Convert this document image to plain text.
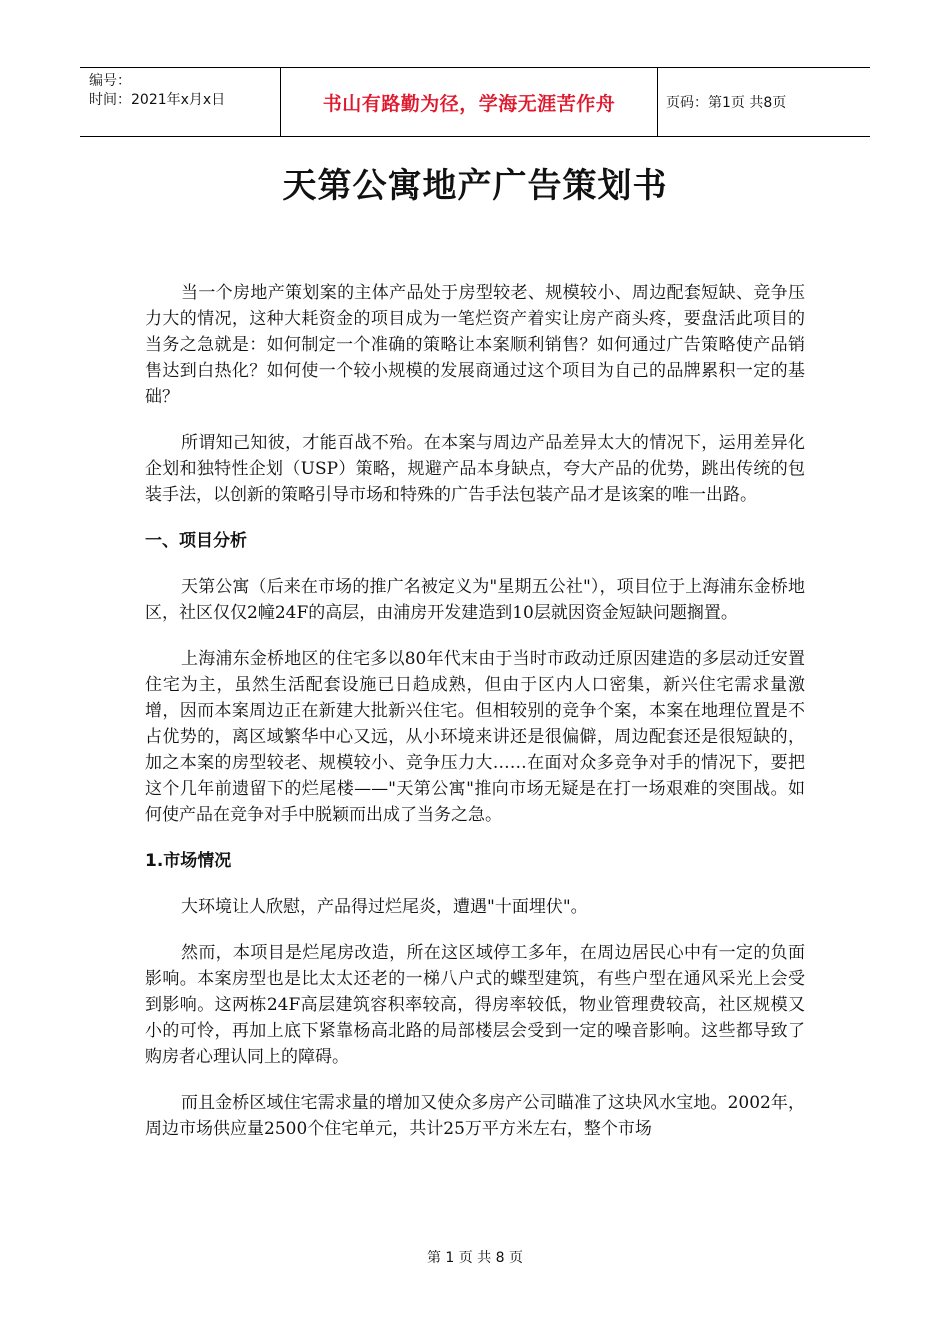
编号：
时间：2021年x月x日	书山有路勤为径，学海无涯苦作舟	页码：第1页 共8页
天第公寓地产广告策划书

当一个房地产策划案的主体产品处于房型较老、规模较小、周边配套短缺、竞争压力大的情况，这种大耗资金的项目成为一笔烂资产着实让房产商头疼，要盘活此项目的当务之急就是：如何制定一个准确的策略让本案顺利销售？如何通过广告策略使产品销售达到白热化？如何使一个较小规模的发展商通过这个项目为自己的品牌累积一定的基础？

所谓知己知彼，才能百战不殆。在本案与周边产品差异太大的情况下，运用差异化企划和独特性企划（USP）策略，规避产品本身缺点，夸大产品的优势，跳出传统的包装手法，以创新的策略引导市场和特殊的广告手法包装产品才是该案的唯一出路。

一、项目分析

天第公寓（后来在市场的推广名被定义为"星期五公社"），项目位于上海浦东金桥地区，社区仅仅2幢24F的高层，由浦房开发建造到10层就因资金短缺问题搁置。

上海浦东金桥地区的住宅多以80年代末由于当时市政动迁原因建造的多层动迁安置住宅为主，虽然生活配套设施已日趋成熟，但由于区内人口密集，新兴住宅需求量激增，因而本案周边正在新建大批新兴住宅。但相较别的竞争个案，本案在地理位置是不占优势的，离区域繁华中心又远，从小环境来讲还是很偏僻，周边配套还是很短缺的，加之本案的房型较老、规模较小、竞争压力大……在面对众多竞争对手的情况下，要把这个几年前遗留下的烂尾楼——"天第公寓"推向市场无疑是在打一场艰难的突围战。如何使产品在竞争对手中脱颖而出成了当务之急。

1.市场情况

大环境让人欣慰，产品得过烂尾炎，遭遇"十面埋伏"。

然而，本项目是烂尾房改造，所在这区域停工多年，在周边居民心中有一定的负面影响。本案房型也是比太太还老的一梯八户式的蝶型建筑，有些户型在通风采光上会受到影响。这两栋24F高层建筑容积率较高，得房率较低，物业管理费较高，社区规模又小的可怜，再加上底下紧靠杨高北路的局部楼层会受到一定的噪音影响。这些都导致了购房者心理认同上的障碍。

而且金桥区域住宅需求量的增加又使众多房产公司瞄准了这块风水宝地。2002年，周边市场供应量2500个住宅单元，共计25万平方米左右，整个市场

第 1 页 共 8 页
